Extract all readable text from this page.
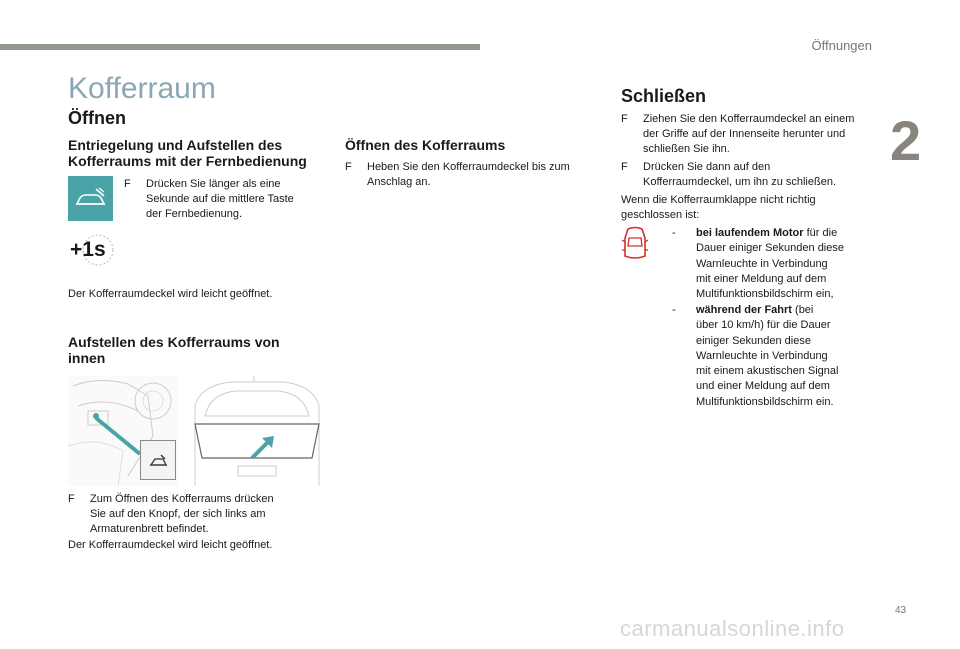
Öffnungen
2
Kofferraum
Öffnen
Entriegelung und Aufstellen des
Kofferraums mit der Fernbedienung
F Drücken Sie länger als eine
Sekunde auf die mittlere Taste
der Fernbedienung.
+1s

Der Kofferraumdeckel wird leicht geöffnet.

Aufstellen des Kofferraums von
innen
F Zum Öffnen des Kofferraums drücken
Sie auf den Knopf, der sich links am
Armaturenbrett befindet.

Der Kofferraumdeckel wird leicht geöffnet.

Öffnen des Kofferraums
F Heben Sie den Kofferraumdeckel bis zum
Anschlag an.
Schließen
F Ziehen Sie den Kofferraumdeckel an einem
der Griffe auf der Innenseite herunter und
schließen Sie ihn.
F Drücken Sie dann auf den
Kofferraumdeckel, um ihn zu schließen.
Wenn die Kofferraumklappe nicht richtig
geschlossen ist:
- bei laufendem Motor für die
Dauer einiger Sekunden diese
Warnleuchte in Verbindung
mit einer Meldung auf dem
Multifunktionsbildschirm ein,
- während der Fahrt (bei
über 10 km/h) für die Dauer
einiger Sekunden diese
Warnleuchte in Verbindung
mit einem akustischen Signal
und einer Meldung auf dem
Multifunktionsbildschirm ein.
43
carmanualsonline.info
